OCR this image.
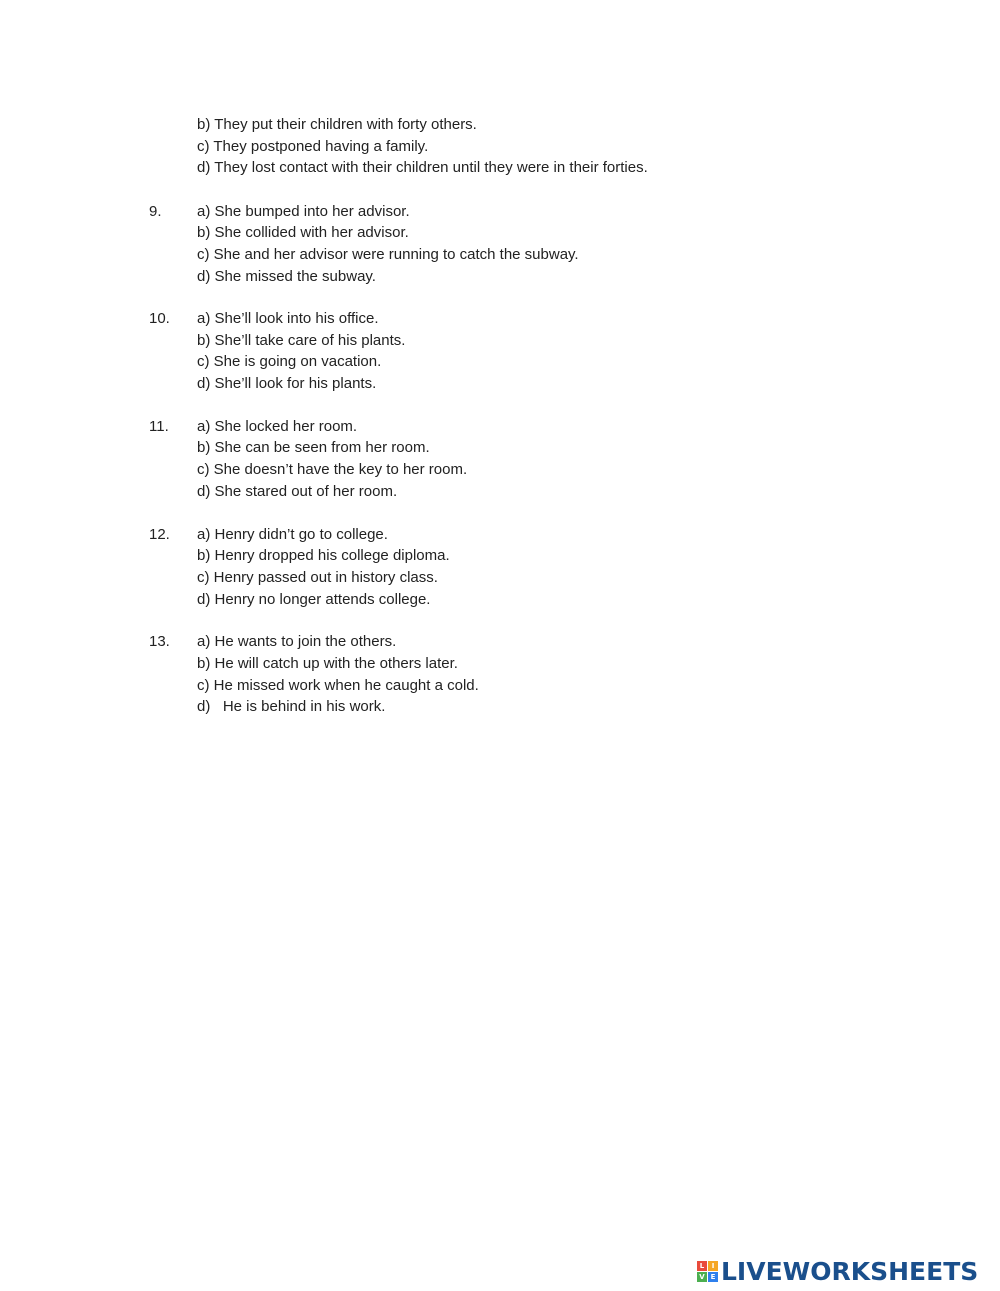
b) They put their children with forty others.
c) They postponed having a family.
d) They lost contact with their children until they were in their forties.
9. a) She bumped into her advisor.
b) She collided with her advisor.
c) She and her advisor were running to catch the subway.
d) She missed the subway.
10. a) She’ll look into his office.
b) She’ll take care of his plants.
c) She is going on vacation.
d) She’ll look for his plants.
11. a) She locked her room.
b) She can be seen from her room.
c) She doesn’t have the key to her room.
d) She stared out of her room.
12. a) Henry didn’t go to college.
b) Henry dropped his college diploma.
c) Henry passed out in history class.
d) Henry no longer attends college.
13. a) He wants to join the others.
b) He will catch up with the others later.
c) He missed work when he caught a cold.
d)   He is behind in his work.
L	I
V E LIVEWORKSHEETS
